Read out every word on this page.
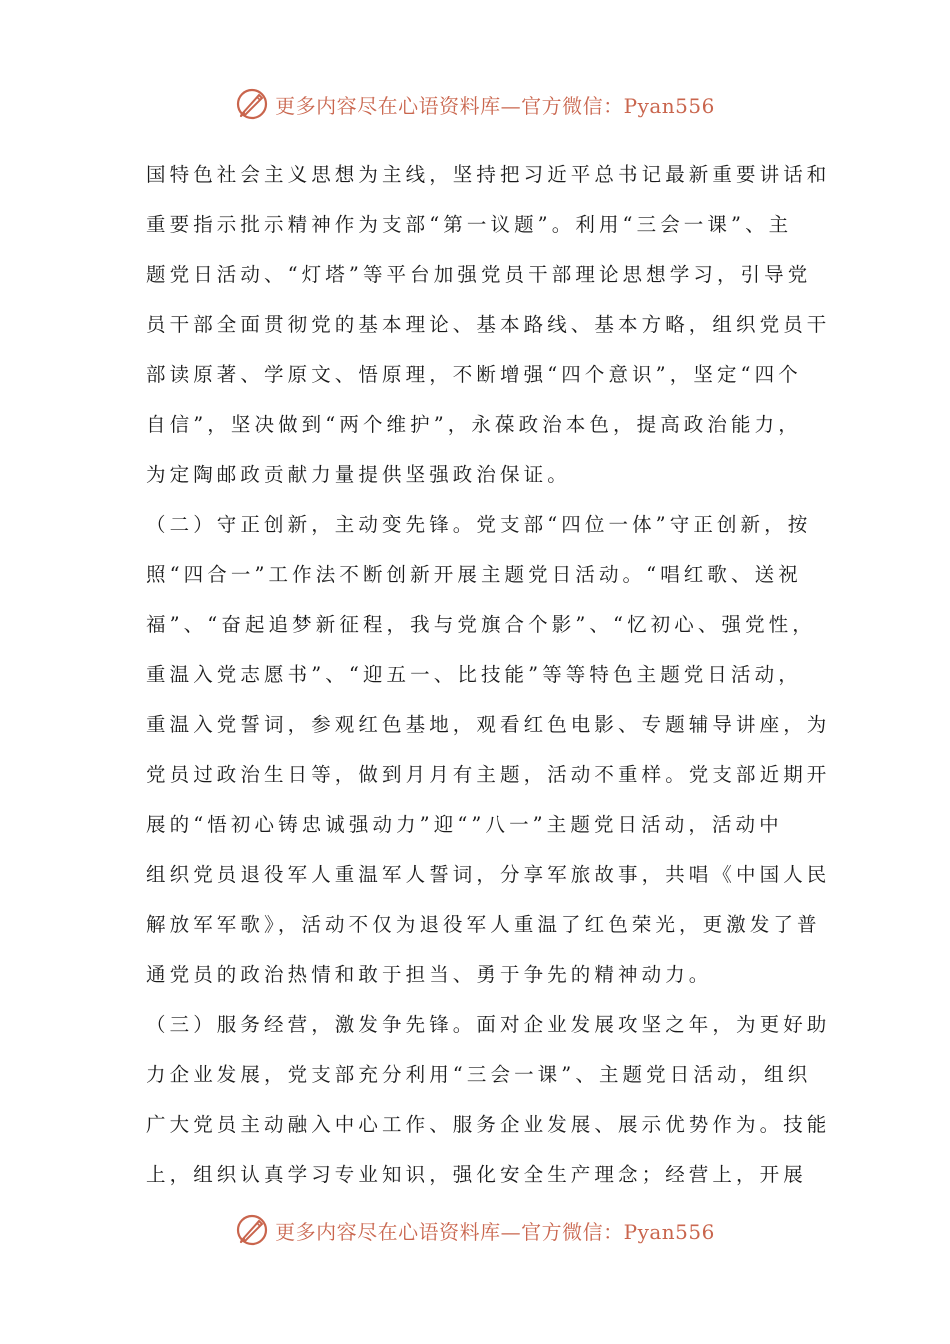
更多内容尽在心语资料库—官方微信：Pyan556
国特色社会主义思想为主线，坚持把习近平总书记最新重要讲话和
重要指示批示精神作为支部“第一议题”。利用“三会一课”、主
题党日活动、“灯塔”等平台加强党员干部理论思想学习，引导党
员干部全面贯彻党的基本理论、基本路线、基本方略，组织党员干
部读原著、学原文、悟原理，不断增强“四个意识”，坚定“四个
自信”，坚决做到“两个维护”，永葆政治本色，提高政治能力，
为定陶邮政贡献力量提供坚强政治保证。
（二）守正创新，主动变先锋。党支部“四位一体”守正创新，按
照“四合一”工作法不断创新开展主题党日活动。“唱红歌、送祝
福”、“奋起追梦新征程，我与党旗合个影”、“忆初心、强党性，
重温入党志愿书”、“迎五一、比技能”等等特色主题党日活动，
重温入党誓词，参观红色基地，观看红色电影、专题辅导讲座，为
党员过政治生日等，做到月月有主题，活动不重样。党支部近期开
展的“悟初心铸忠诚强动力”迎“”八一”主题党日活动，活动中
组织党员退役军人重温军人誓词，分享军旅故事，共唱《中国人民
解放军军歌》，活动不仅为退役军人重温了红色荣光，更激发了普
通党员的政治热情和敢于担当、勇于争先的精神动力。
（三）服务经营，激发争先锋。面对企业发展攻坚之年，为更好助
力企业发展，党支部充分利用“三会一课”、主题党日活动，组织
广大党员主动融入中心工作、服务企业发展、展示优势作为。技能
上，组织认真学习专业知识，强化安全生产理念；经营上，开展
更多内容尽在心语资料库—官方微信：Pyan556
